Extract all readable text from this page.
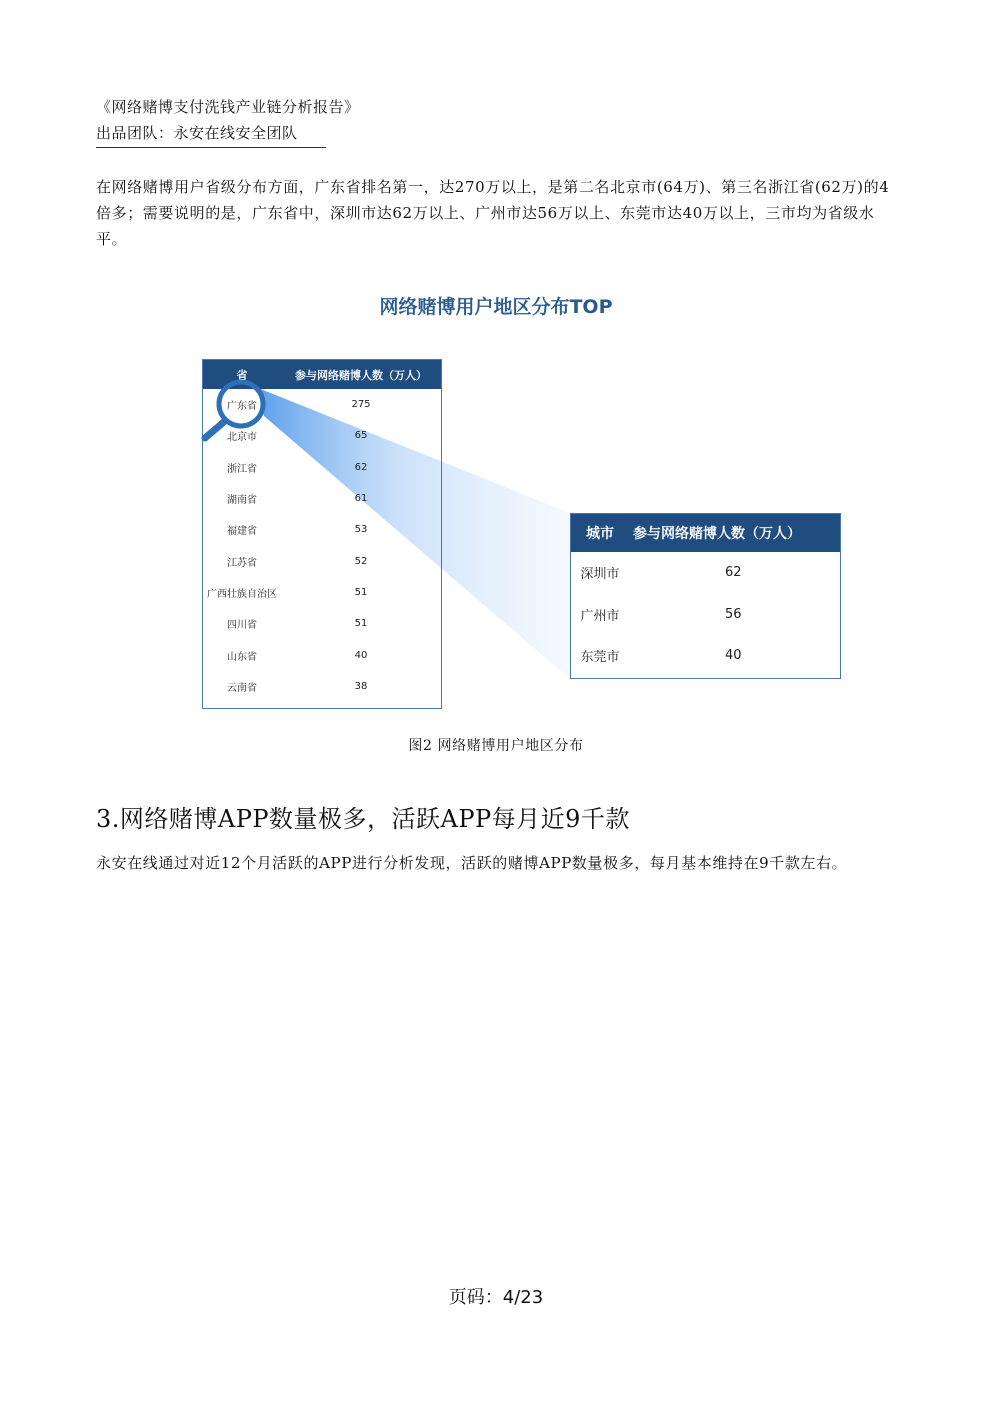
《网络赌博支付洗钱产业链分析报告》
出品团队：永安在线安全团队
在网络赌博用户省级分布方面，广东省排名第一，达270万以上，是第二名北京市(64万)、第三名浙江省(62万)的4倍多；需要说明的是，广东省中，深圳市达62万以上、广州市达56万以上、东莞市达40万以上，三市均为省级水平。
网络赌博用户地区分布TOP
省	参与网络赌博人数（万人）
广东省	275
北京市	65
浙江省	62
湖南省	61
福建省	53
江苏省	52
广西壮族自治区	51
四川省	51
山东省	40
云南省	38
城市	参与网络赌博人数（万人）
深圳市	62
广州市	56
东莞市	40
图2 网络赌博用户地区分布
3.网络赌博APP数量极多，活跃APP每月近9千款
永安在线通过对近12个月活跃的APP进行分析发现，活跃的赌博APP数量极多，每月基本维持在9千款左右。
页码：4/23
